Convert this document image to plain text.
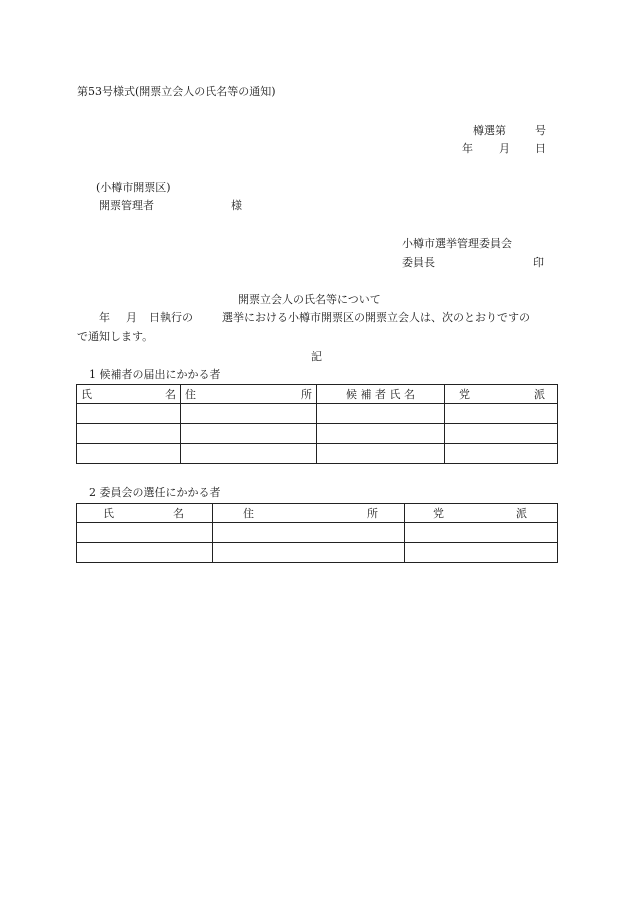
第53号様式(開票立会人の氏名等の通知)
樽選第	号
年 月 日
(小樽市開票区)
開票管理者	様
小樽市選挙管理委員会
委員長	印
開票立会人の氏名等について
年 月 日執行の	選挙における小樽市開票区の開票立会人は、次のとおりですの
で通知します。
記
1 候補者の届出にかかる者
氏 名	住 所	候 補 者 氏 名	党 派

2 委員会の選任にかかる者
氏 名	住 所	党 派
